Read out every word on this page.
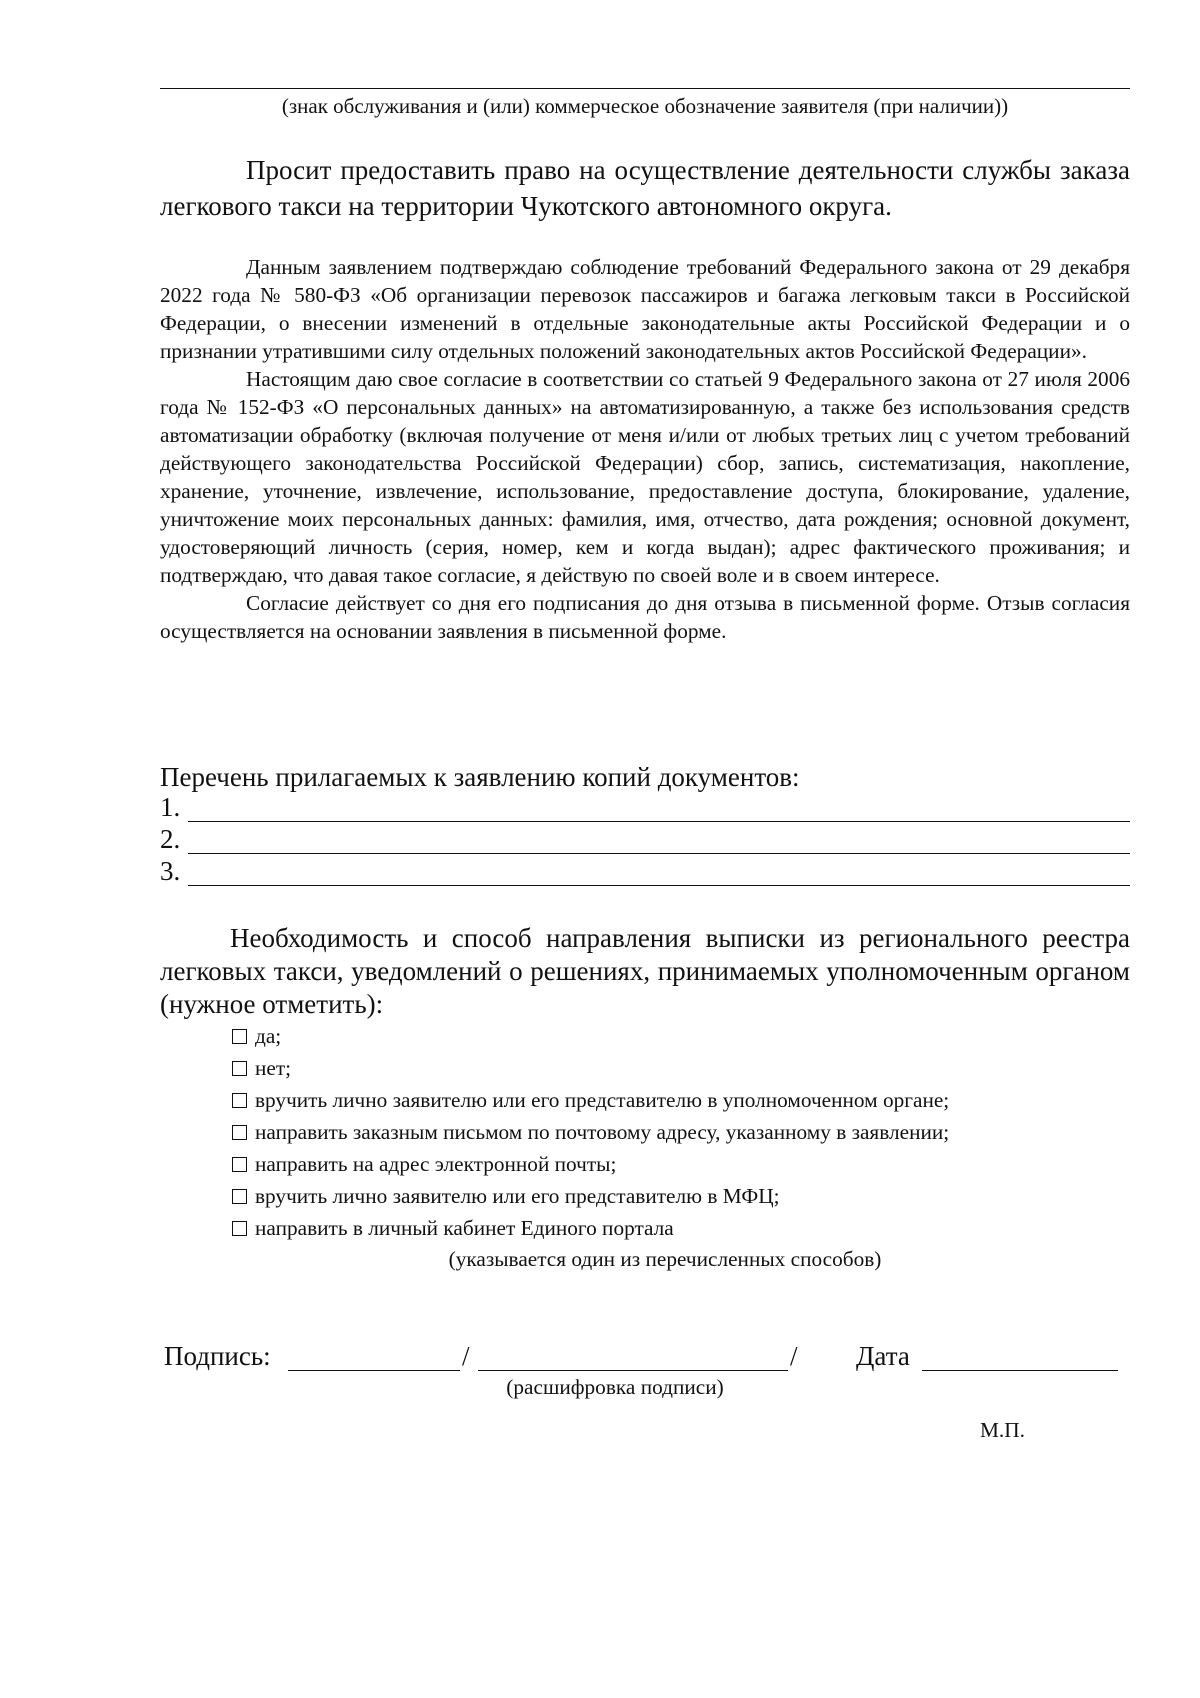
(знак обслуживания и (или) коммерческое обозначение заявителя (при наличии))
Просит предоставить право на осуществление деятельности службы заказа легкового такси на территории Чукотского автономного округа.

Данным заявлением подтверждаю соблюдение требований Федерального закона от 29 декабря 2022 года № 580-ФЗ «Об организации перевозок пассажиров и багажа легковым такси в Российской Федерации, о внесении изменений в отдельные законодательные акты Российской Федерации и о признании утратившими силу отдельных положений законодательных актов Российской Федерации».

Настоящим даю свое согласие в соответствии со статьей 9 Федерального закона от 27 июля 2006 года № 152-ФЗ «О персональных данных» на автоматизированную, а также без использования средств автоматизации обработку (включая получение от меня и/или от любых третьих лиц с учетом требований действующего законодательства Российской Федерации) сбор, запись, систематизация, накопление, хранение, уточнение, извлечение, использование, предоставление доступа, блокирование, удаление, уничтожение моих персональных данных: фамилия, имя, отчество, дата рождения; основной документ, удостоверяющий личность (серия, номер, кем и когда выдан); адрес фактического проживания; и подтверждаю, что давая такое согласие, я действую по своей воле и в своем интересе.

Согласие действует со дня его подписания до дня отзыва в письменной форме. Отзыв согласия осуществляется на основании заявления в письменной форме.

Перечень прилагаемых к заявлению копий документов:
1.
2.
3.
Необходимость и способ направления выписки из регионального реестра легковых такси, уведомлений о решениях, принимаемых уполномоченным органом (нужное отметить):
да;
нет;
вручить лично заявителю или его представителю в уполномоченном органе;
направить заказным письмом по почтовому адресу, указанному в заявлении;
направить на адрес электронной почты;
вручить лично заявителю или его представителю в МФЦ;
направить в личный кабинет Единого портала
(указывается один из перечисленных способов)
Подпись:	/	/ Дата
(расшифровка подписи)
М.П.
